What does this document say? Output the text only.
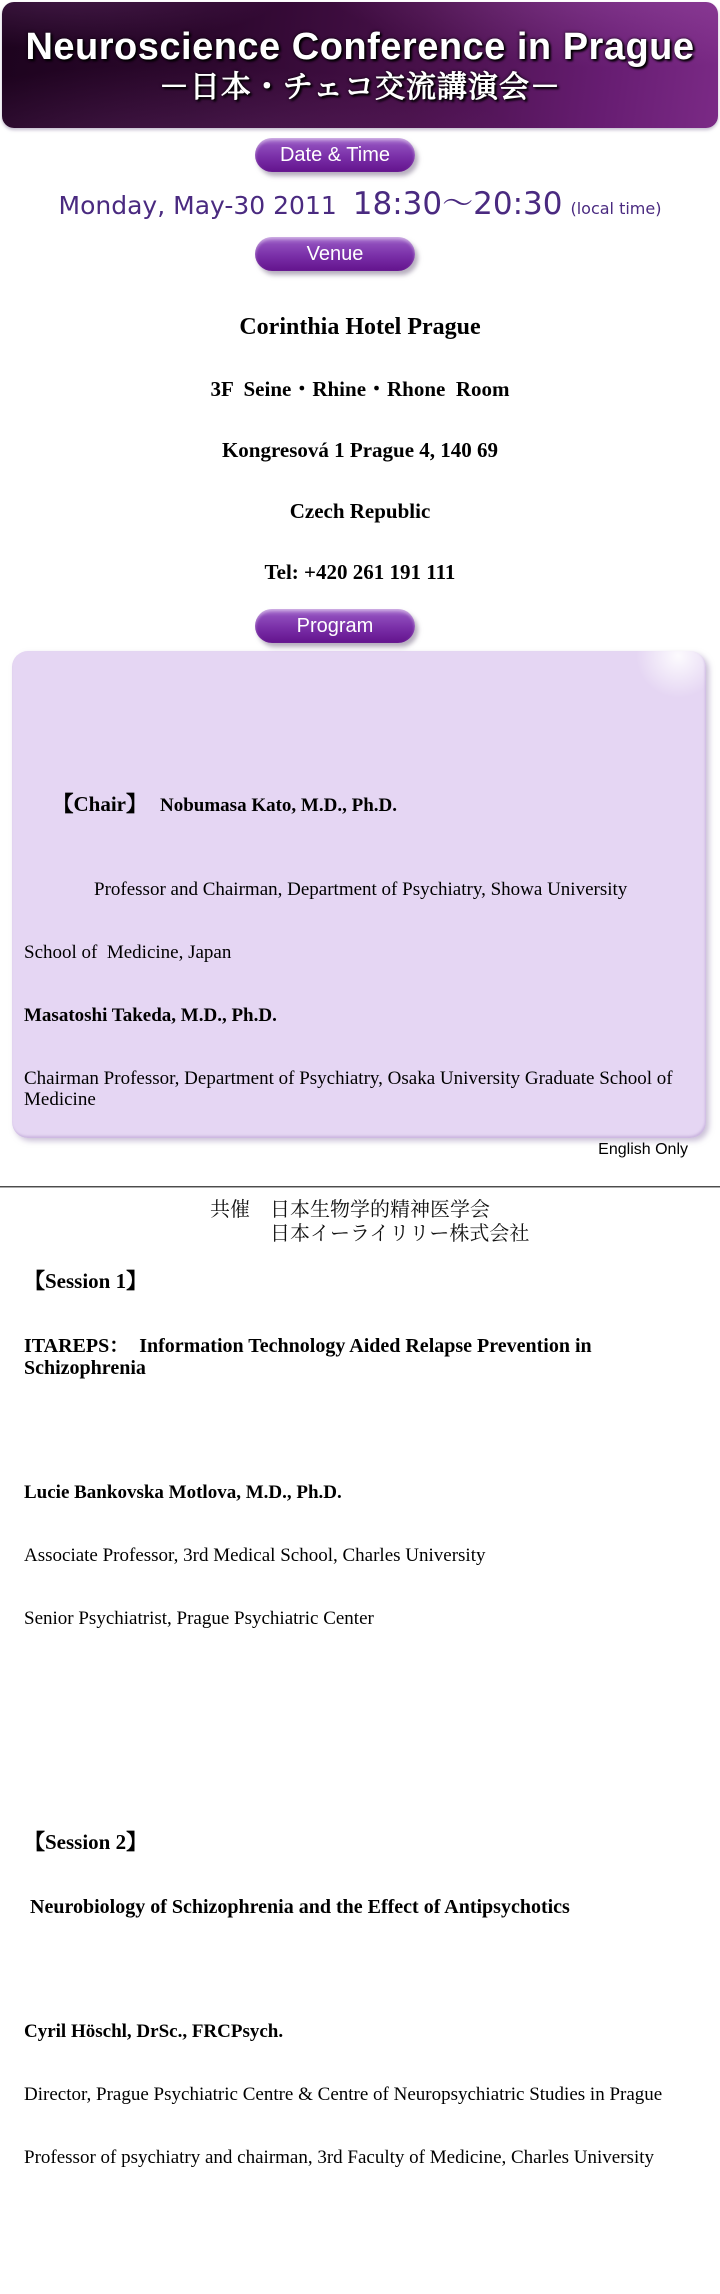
Neuroscience Conference in Prague
－日本・チェコ交流講演会－
Date & Time
Monday, May-30 2011 18:30～20:30 (local time)
Venue

Corinthia Hotel Prague

3F  Seine・Rhine・Rhone  Room

Kongresová 1 Prague 4, 140 69

Czech Republic

Tel: +420 261 191 111

Program

【Chair】 Nobumasa Kato, M.D., Ph.D.

Professor and Chairman, Department of Psychiatry, Showa University

School of  Medicine, Japan

Masatoshi Takeda, M.D., Ph.D.

Chairman Professor, Department of Psychiatry, Osaka University Graduate School of Medicine

【Session 1】

ITAREPS：  Information Technology Aided Relapse Prevention in Schizophrenia

Lucie Bankovska Motlova, M.D., Ph.D.

Associate Professor, 3rd Medical School, Charles University

Senior Psychiatrist, Prague Psychiatric Center

【Session 2】

Neurobiology of Schizophrenia and the Effect of Antipsychotics

Cyril Höschl, DrSc., FRCPsych.

Director, Prague Psychiatric Centre & Centre of Neuropsychiatric Studies in Prague

Professor of psychiatry and chairman, 3rd Faculty of Medicine, Charles University

English Only
共催 日本生物学的精神医学会
日本イーライリリー株式会社
